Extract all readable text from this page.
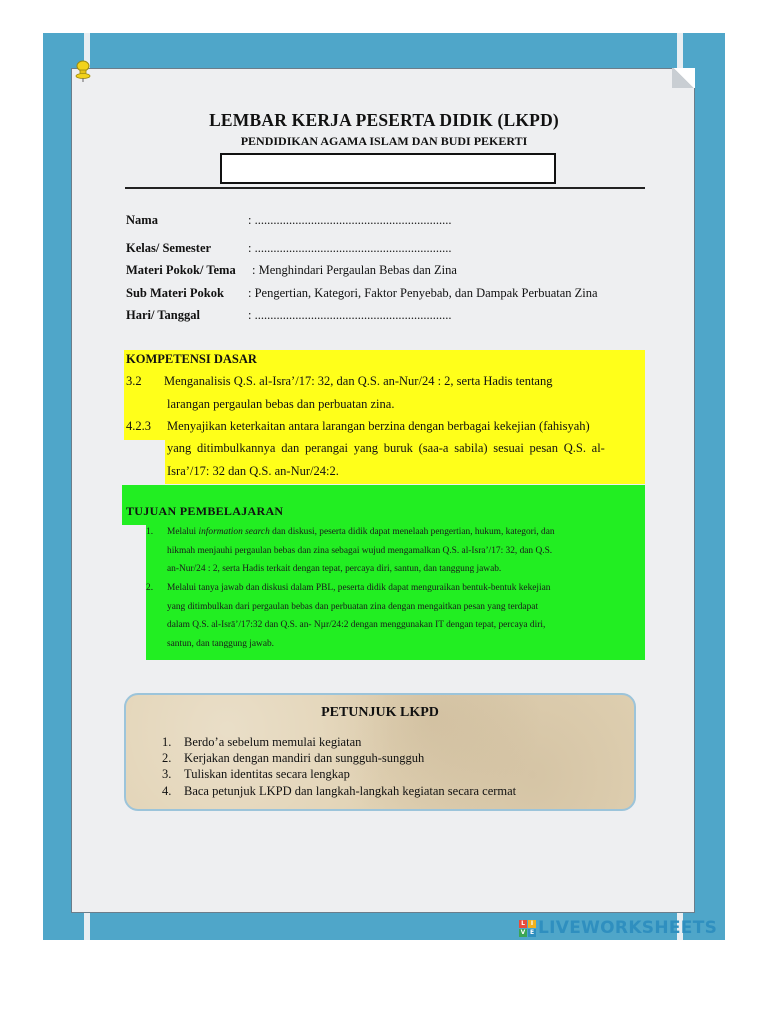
LEMBAR KERJA PESERTA DIDIK (LKPD)
PENDIDIKAN AGAMA ISLAM DAN BUDI PEKERTI
Nama	: ...............................................................
Kelas/ Semester	: ...............................................................
Materi Pokok/ Tema : Menghindari Pergaulan Bebas dan Zina
Sub Materi Pokok : Pengertian, Kategori, Faktor Penyebab, dan Dampak Perbuatan Zina
Hari/ Tanggal	: ...............................................................
KOMPETENSI DASAR
3.2 Menganalisis Q.S. al-Isra’/17: 32, dan Q.S. an-Nur/24 : 2, serta Hadis tentang
larangan pergaulan bebas dan perbuatan zina.
4.2.3 Menyajikan keterkaitan antara larangan berzina dengan berbagai kekejian (fahisyah)
yang ditimbulkannya dan perangai yang buruk (saa-a sabila) sesuai pesan Q.S. al-
Isra’/17: 32 dan Q.S. an-Nur/24:2.
TUJUAN PEMBELAJARAN
1. Melalui information search dan diskusi, peserta didik dapat menelaah pengertian, hukum, kategori, dan
hikmah menjauhi pergaulan bebas dan zina sebagai wujud mengamalkan Q.S. al-Isra’/17: 32, dan Q.S.
an-Nur/24 : 2, serta Hadis terkait dengan tepat, percaya diri, santun, dan tanggung jawab.
2. Melalui tanya jawab dan diskusi dalam PBL, peserta didik dapat menguraikan bentuk-bentuk kekejian
yang ditimbulkan dari pergaulan bebas dan perbuatan zina dengan mengaitkan pesan yang terdapat
dalam Q.S. al-Isrā’/17:32 dan Q.S. an- Nµr/24:2 dengan menggunakan IT dengan tepat, percaya diri,
santun, dan tanggung jawab.
PETUNJUK LKPD
1. Berdo’a sebelum memulai kegiatan
2. Kerjakan dengan mandiri dan sungguh-sungguh
3. Tuliskan identitas secara lengkap
4. Baca petunjuk LKPD dan langkah-langkah kegiatan secara cermat
L I
V E LIVEWORKSHEETS
